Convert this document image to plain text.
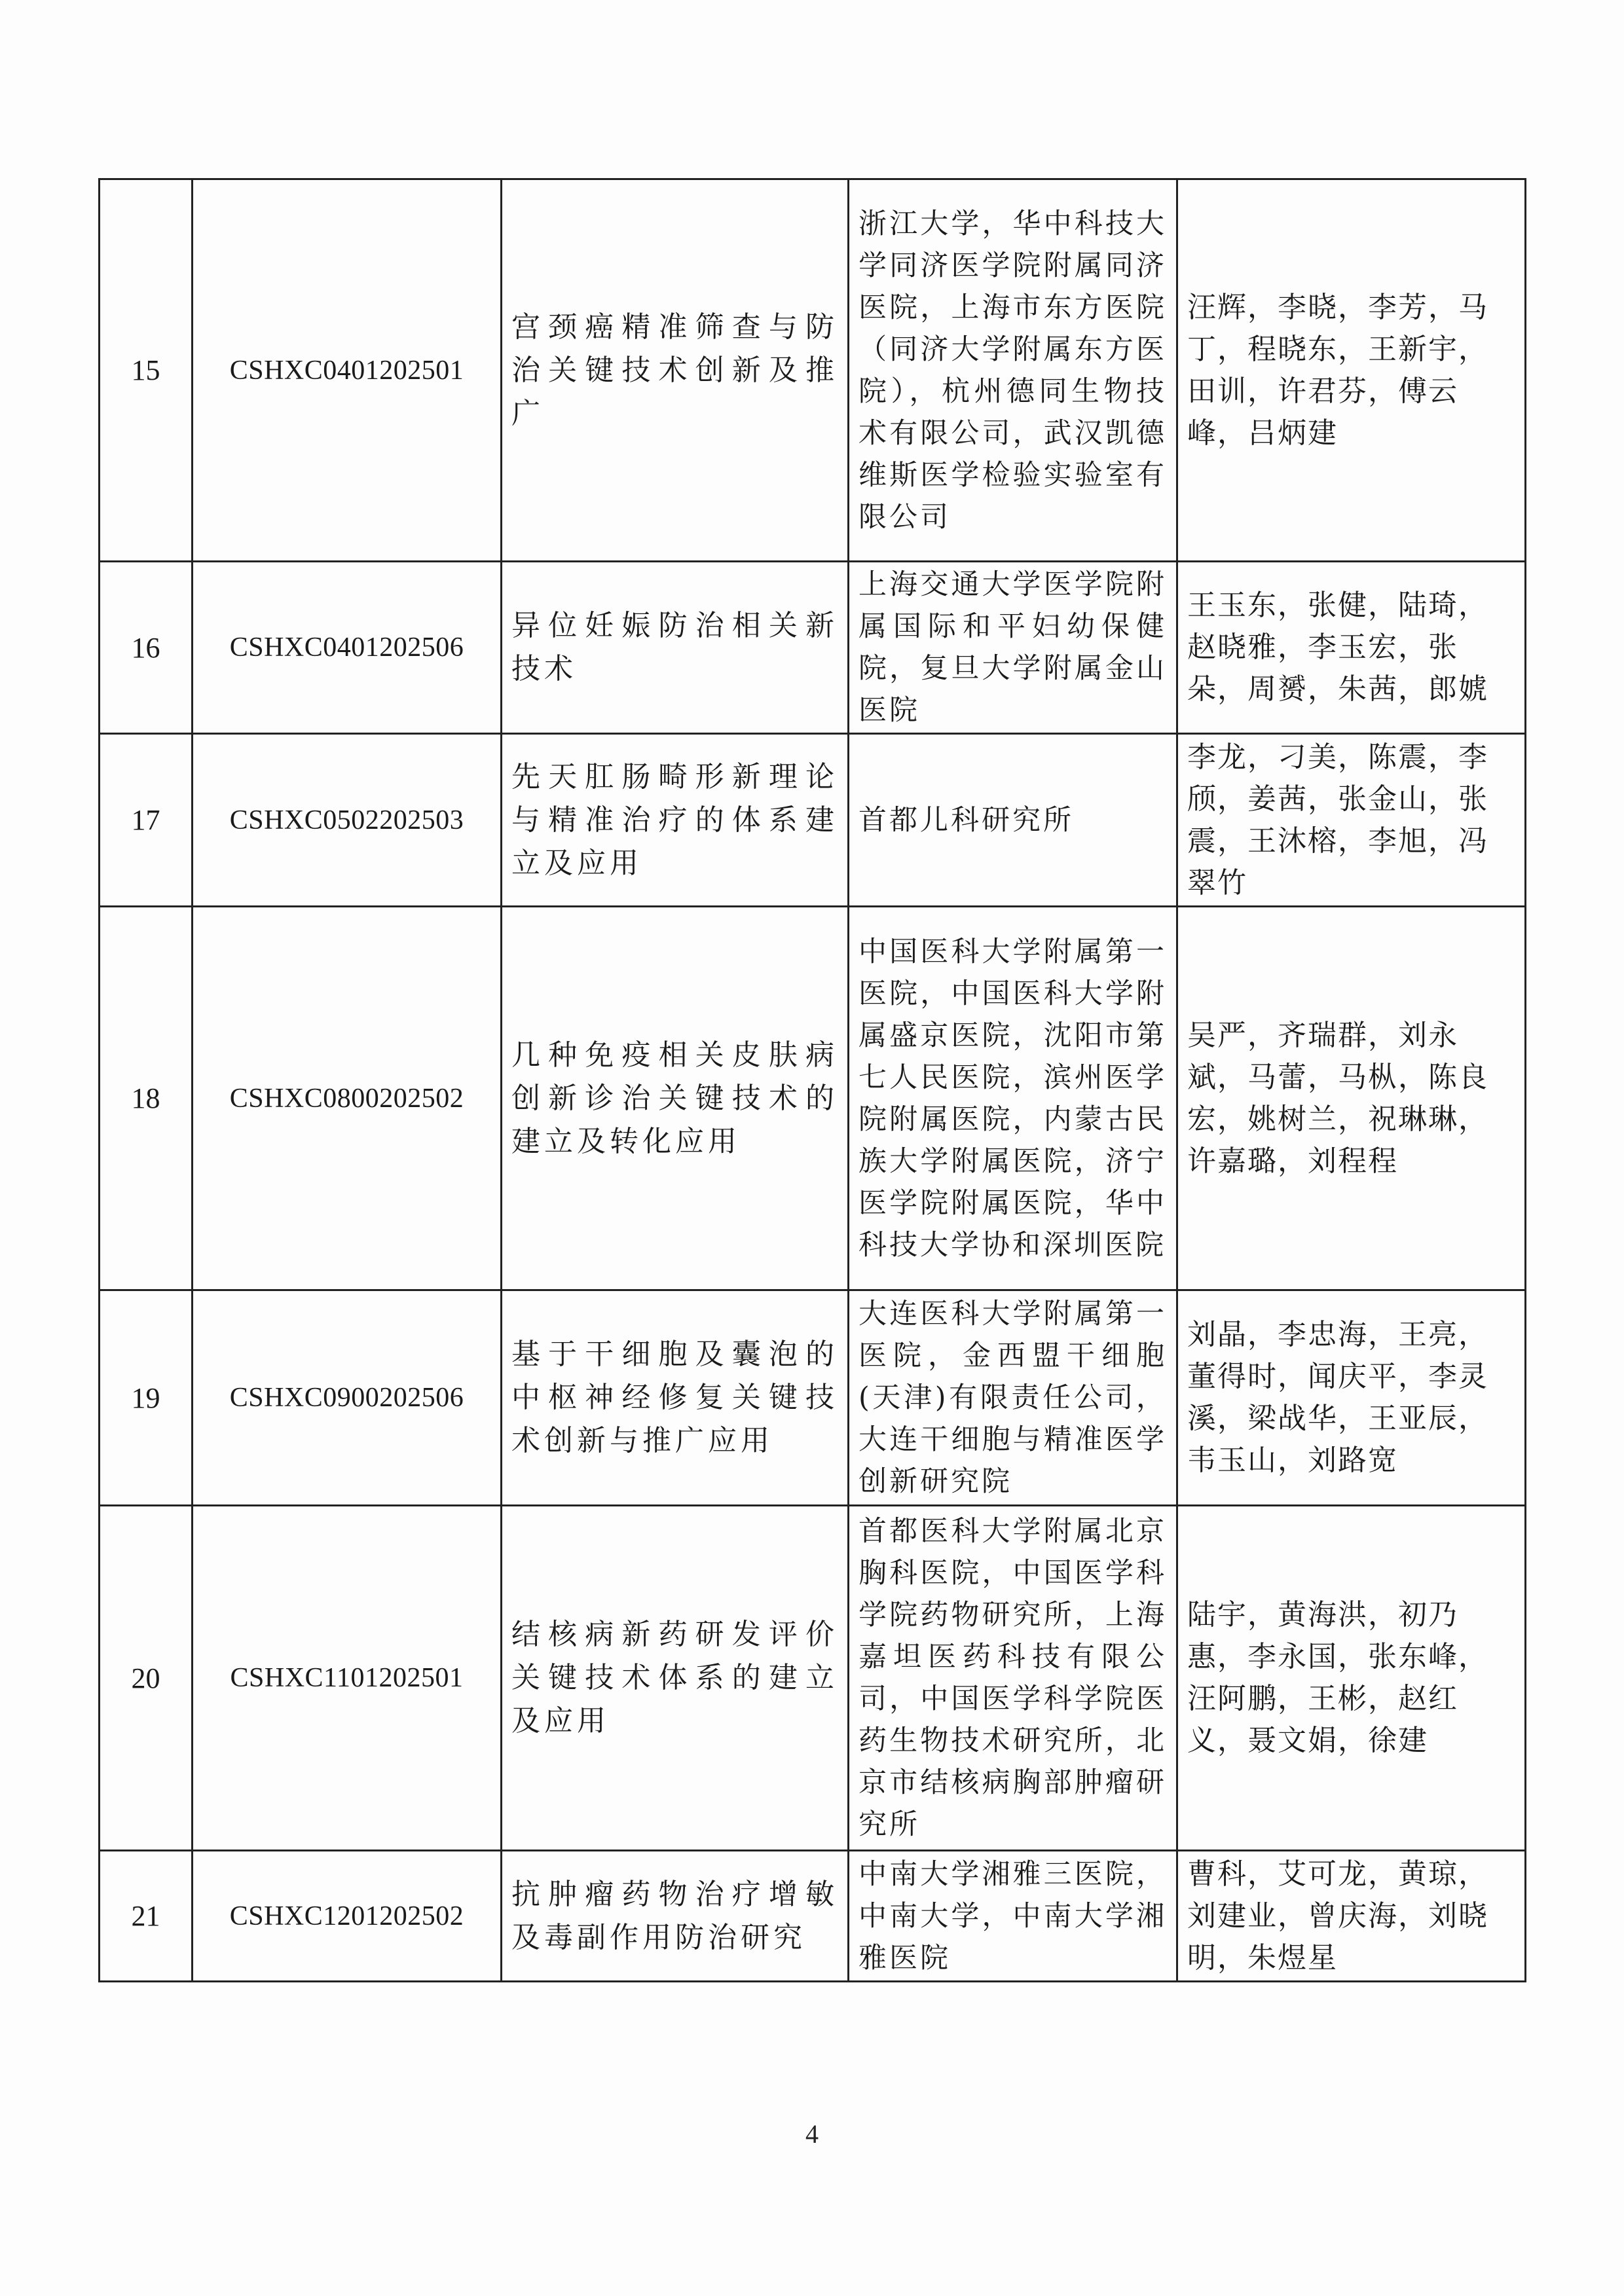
15	CSHXC0401202501	宫颈癌精准筛查与防治关键技术创新及推广	浙江大学，华中科技大学同济医学院附属同济医院，上海市东方医院（同济大学附属东方医院），杭州德同生物技术有限公司，武汉凯德维斯医学检验实验室有限公司	汪辉，李晓，李芳，马丁，程晓东，王新宇，田训，许君芬，傅云峰，吕炳建
16	CSHXC0401202506	异位妊娠防治相关新技术	上海交通大学医学院附属国际和平妇幼保健院，复旦大学附属金山医院	王玉东，张健，陆琦，赵晓雅，李玉宏，张朵，周赟，朱茜，郎婋
17	CSHXC0502202503	先天肛肠畸形新理论与精准治疗的体系建立及应用	首都儿科研究所	李龙，刁美，陈震，李颀，姜茜，张金山，张震，王沐榕，李旭，冯翠竹
18	CSHXC0800202502	几种免疫相关皮肤病创新诊治关键技术的建立及转化应用	中国医科大学附属第一医院，中国医科大学附属盛京医院，沈阳市第七人民医院，滨州医学院附属医院，内蒙古民族大学附属医院，济宁医学院附属医院，华中科技大学协和深圳医院	吴严，齐瑞群，刘永斌，马蕾，马枞，陈良宏，姚树兰，祝琳琳，许嘉璐，刘程程
19	CSHXC0900202506	基于干细胞及囊泡的中枢神经修复关键技术创新与推广应用	大连医科大学附属第一医院，金西盟干细胞(天津)有限责任公司，大连干细胞与精准医学创新研究院	刘晶，李忠海，王亮，董得时，闻庆平，李灵溪，梁战华，王亚辰，韦玉山，刘路宽
20	CSHXC1101202501	结核病新药研发评价关键技术体系的建立及应用	首都医科大学附属北京胸科医院，中国医学科学院药物研究所，上海嘉坦医药科技有限公司，中国医学科学院医药生物技术研究所，北京市结核病胸部肿瘤研究所	陆宇，黄海洪，初乃惠，李永国，张东峰，汪阿鹏，王彬，赵红义，聂文娟，徐建
21	CSHXC1201202502	抗肿瘤药物治疗增敏及毒副作用防治研究	中南大学湘雅三医院，中南大学，中南大学湘雅医院	曹科，艾可龙，黄琼，刘建业，曾庆海，刘晓明，朱煜星
4
